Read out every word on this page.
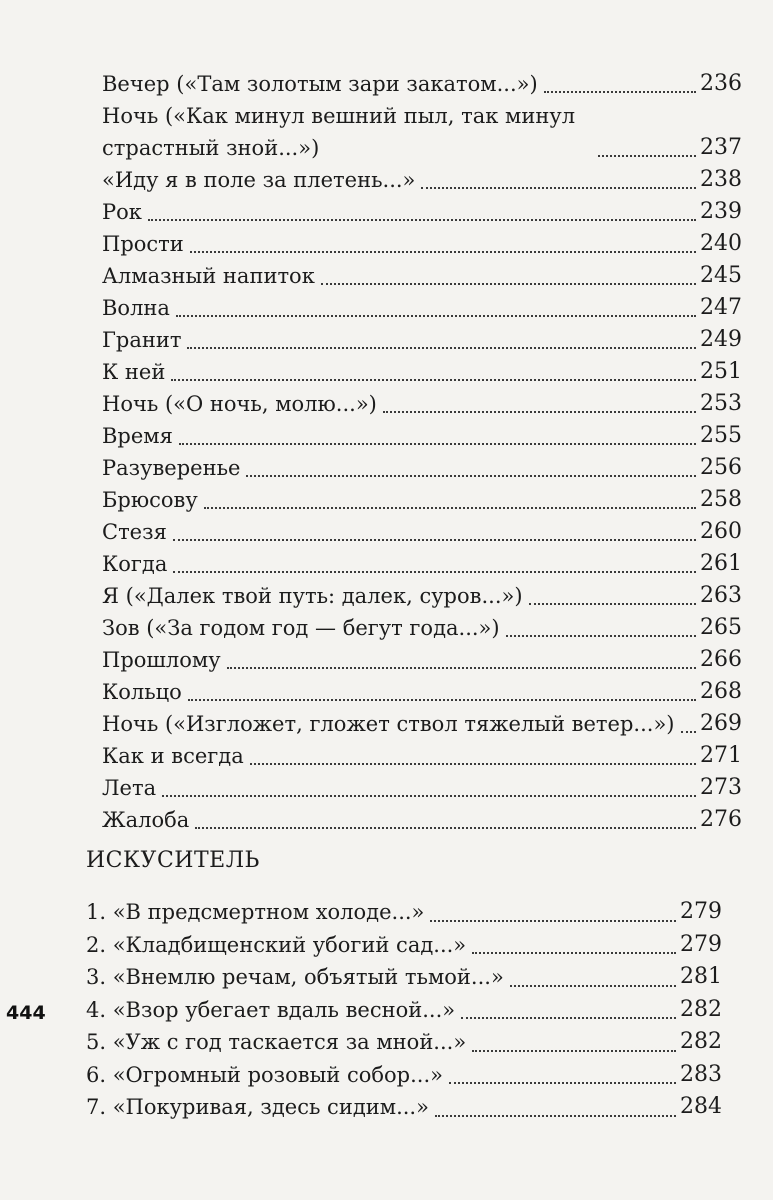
Вечер («Там золотым зари закатом...»)	236
Ночь («Как минул вешний пыл, так минул страстный зной...»)	237
«Иду я в поле за плетень...»	238
Рок	239
Прости	240
Алмазный напиток	245
Волна	247
Гранит	249
К ней	251
Ночь («О ночь, молю...»)	253
Время	255
Разуверенье	256
Брюсову	258
Стезя	260
Когда	261
Я («Далек твой путь: далек, суров...»)	263
Зов («За годом год — бегут года...»)	265
Прошлому	266
Кольцо	268
Ночь («Изгложет, гложет ствол тяжелый ветер...») 269
Как и всегда	271
Лета	273
Жалоба	276
ИСКУСИТЕЛЬ
1. «В предсмертном холоде...»	279
2. «Кладбищенский убогий сад...»	279
3. «Внемлю речам, объятый тьмой...»	281
4. «Взор убегает вдаль весной...»	282
5. «Уж с год таскается за мной...»	282
6. «Огромный розовый собор...»	283
7. «Покуривая, здесь сидим...»	284
444
